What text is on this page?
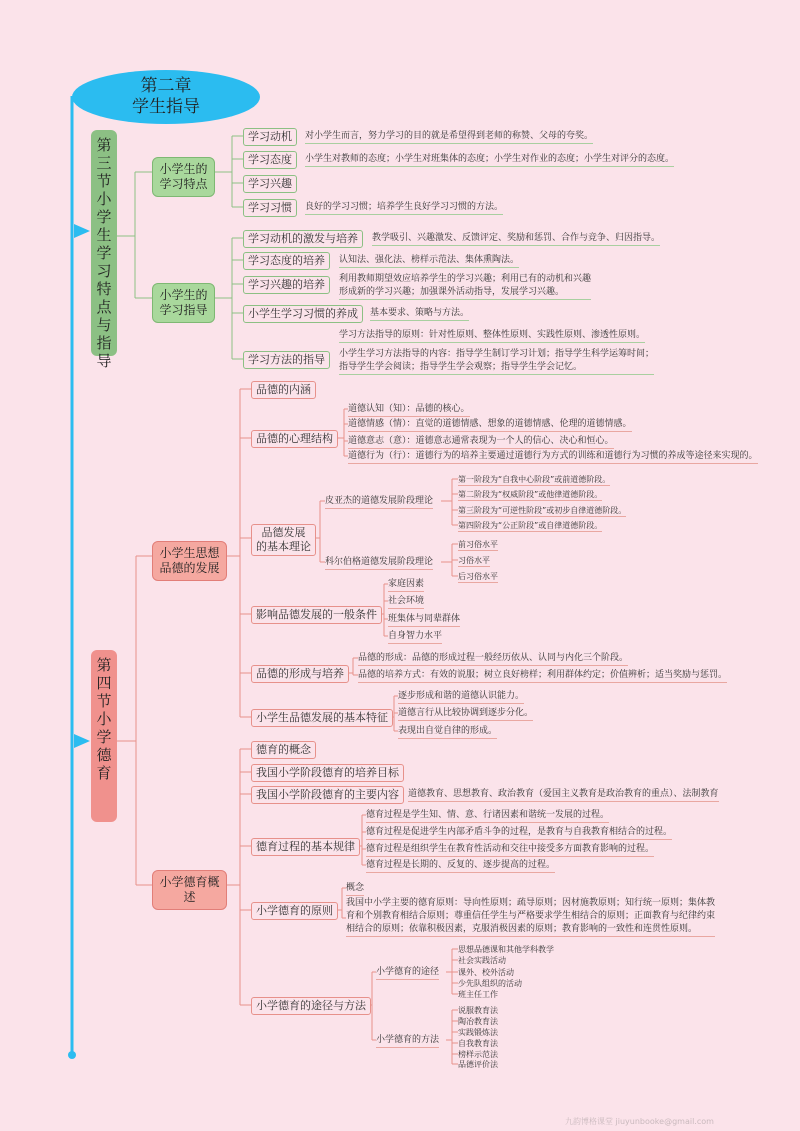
第二章
学生指导
第三节 小学生学习特点与指导
小学生的
学习特点
小学生的
学习指导
学习动机	对小学生而言，努力学习的目的就是希望得到老师的称赞、父母的夸奖。
学习态度	小学生对教师的态度；小学生对班集体的态度；小学生对作业的态度；小学生对评分的态度。
学习兴趣
学习习惯	良好的学习习惯；培养学生良好学习习惯的方法。
学习动机的激发与培养	教学吸引、兴趣激发、反馈评定、奖励和惩罚、合作与竞争、归因指导。
学习态度的培养	认知法、强化法、榜样示范法、集体熏陶法。
学习兴趣的培养	利用教师期望效应培养学生的学习兴趣；利用已有的动机和兴趣
形成新的学习兴趣；加强课外活动指导，发展学习兴趣。
小学生学习习惯的养成	基本要求、策略与方法。
学习方法的指导
学习方法指导的原则：针对性原则、整体性原则、实践性原则、渗透性原则。
小学生学习方法指导的内容：指导学生制订学习计划；指导学生科学运筹时间；
指导学生学会阅读；指导学生学会观察；指导学生学会记忆。
第四节 小学德育
小学生思想
品德的发展
小学德育概
述
品德的内涵
品德的心理结构
道德认知（知）：品德的核心。
道德情感（情）：直觉的道德情感、想象的道德情感、伦理的道德情感。
道德意志（意）：道德意志通常表现为一个人的信心、决心和恒心。
道德行为（行）：道德行为的培养主要通过道德行为方式的训练和道德行为习惯的养成等途径来实现的。
品德发展
的基本理论
皮亚杰的道德发展阶段理论
第一阶段为“自我中心阶段”或前道德阶段。
第二阶段为“权威阶段”或他律道德阶段。
第三阶段为“可逆性阶段”或初步自律道德阶段。
第四阶段为“公正阶段”或自律道德阶段。
科尔伯格道德发展阶段理论
前习俗水平
习俗水平
后习俗水平
影响品德发展的一般条件
家庭因素
社会环境
班集体与同辈群体
自身智力水平
品德的形成与培养
品德的形成：品德的形成过程一般经历依从、认同与内化三个阶段。
品德的培养方式：有效的说服；树立良好榜样；利用群体约定；价值辨析；适当奖励与惩罚。
小学生品德发展的基本特征
逐步形成和谐的道德认识能力。
道德言行从比较协调到逐步分化。
表现出自觉自律的形成。
德育的概念
我国小学阶段德育的培养目标
我国小学阶段德育的主要内容	道德教育、思想教育、政治教育（爱国主义教育是政治教育的重点）、法制教育
德育过程的基本规律
德育过程是学生知、情、意、行诸因素和谐统一发展的过程。
德育过程是促进学生内部矛盾斗争的过程，是教育与自我教育相结合的过程。
德育过程是组织学生在教育性活动和交往中接受多方面教育影响的过程。
德育过程是长期的、反复的、逐步提高的过程。
小学德育的原则
概念
我国中小学主要的德育原则：导向性原则；疏导原则；因材施教原则；知行统一原则；集体教
育和个别教育相结合原则；尊重信任学生与严格要求学生相结合的原则；正面教育与纪律约束
相结合的原则；依靠积极因素，克服消极因素的原则；教育影响的一致性和连贯性原则。
小学德育的途径与方法
小学德育的途径
思想品德课和其他学科教学
社会实践活动
课外、校外活动
少先队组织的活动
班主任工作
小学德育的方法
说服教育法
陶冶教育法
实践锻炼法
自我教育法
榜样示范法
品德评价法
九韵博格课堂 jiuyunbooke@gmail.com
